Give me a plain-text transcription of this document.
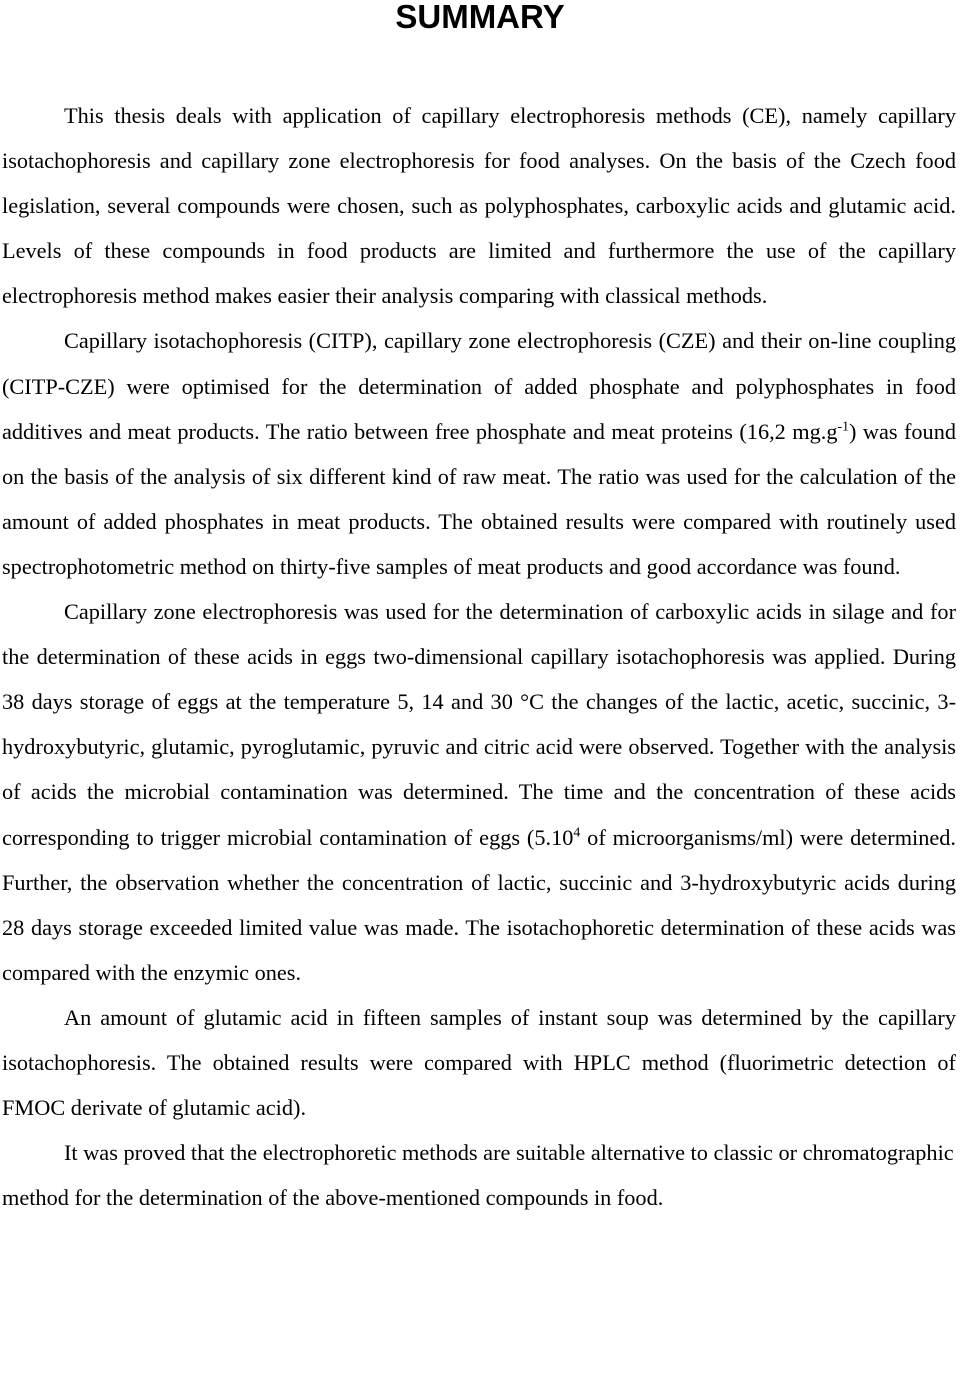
SUMMARY

This thesis deals with application of capillary electrophoresis methods (CE), namely capillary isotachophoresis and capillary zone electrophoresis for food analyses. On the basis of the Czech food legislation, several compounds were chosen, such as polyphosphates, carboxylic acids and glutamic acid. Levels of these compounds in food products are limited and furthermore the use of the capillary electrophoresis method makes easier their analysis comparing with classical methods.

Capillary isotachophoresis (CITP), capillary zone electrophoresis (CZE) and their on-line coupling (CITP-CZE) were optimised for the determination of added phosphate and polyphosphates in food additives and meat products. The ratio between free phosphate and meat proteins (16,2 $mg.g^{-1}$) was found on the basis of the analysis of six different kind of raw meat. The ratio was used for the calculation of the amount of added phosphates in meat products. The obtained results were compared with routinely used spectrophotometric method on thirty-five samples of meat products and good accordance was found.

Capillary zone electrophoresis was used for the determination of carboxylic acids in silage and for the determination of these acids in eggs two-dimensional capillary isotachophoresis was applied. During 38 days storage of eggs at the temperature 5, 14 and 30 °C the changes of the lactic, acetic, succinic, 3-hydroxybutyric, glutamic, pyroglutamic, pyruvic and citric acid were observed. Together with the analysis of acids the microbial contamination was determined. The time and the concentration of these acids corresponding to trigger microbial contamination of eggs (5.10$^4$ of microorganisms/ml) were determined. Further, the observation whether the concentration of lactic, succinic and 3-hydroxybutyric acids during 28 days storage exceeded limited value was made. The isotachophoretic determination of these acids was compared with the enzymic ones.

An amount of glutamic acid in fifteen samples of instant soup was determined by the capillary isotachophoresis. The obtained results were compared with HPLC method (fluorimetric detection of FMOC derivate of glutamic acid).

It was proved that the electrophoretic methods are suitable alternative to classic or chromatographic method for the determination of the above-mentioned compounds in food.
